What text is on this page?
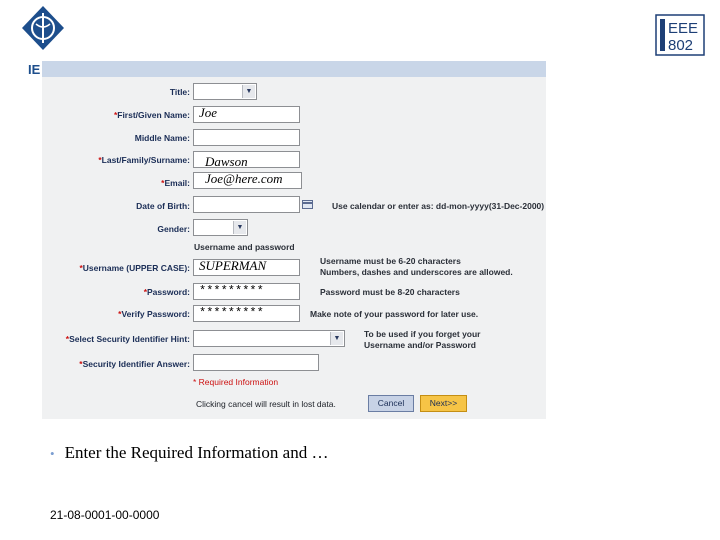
IE
EEE
802
Title:	▼
*First/Given Name: Joe
Middle Name:
*Last/Family/Surname: Dawson
*Email: Joe@here.com
Date of Birth:	Use calendar or enter as: dd-mon-yyyy(31-Dec-2000)
Gender:	▼
Username and password
*Username (UPPER CASE): SUPERMAN	Username must be 6-20 characters
Numbers, dashes and underscores are allowed.
*Password: *********	Password must be 8-20 characters
*Verify Password: *********	Make note of your password for later use.
*Select Security Identifier Hint:	▼	To be used if you forget your
Username and/or Password
*Security Identifier Answer:
* Required Information
Clicking cancel will result in lost data.	Cancel	Next>>
• Enter the Required Information and …
21-08-0001-00-0000
